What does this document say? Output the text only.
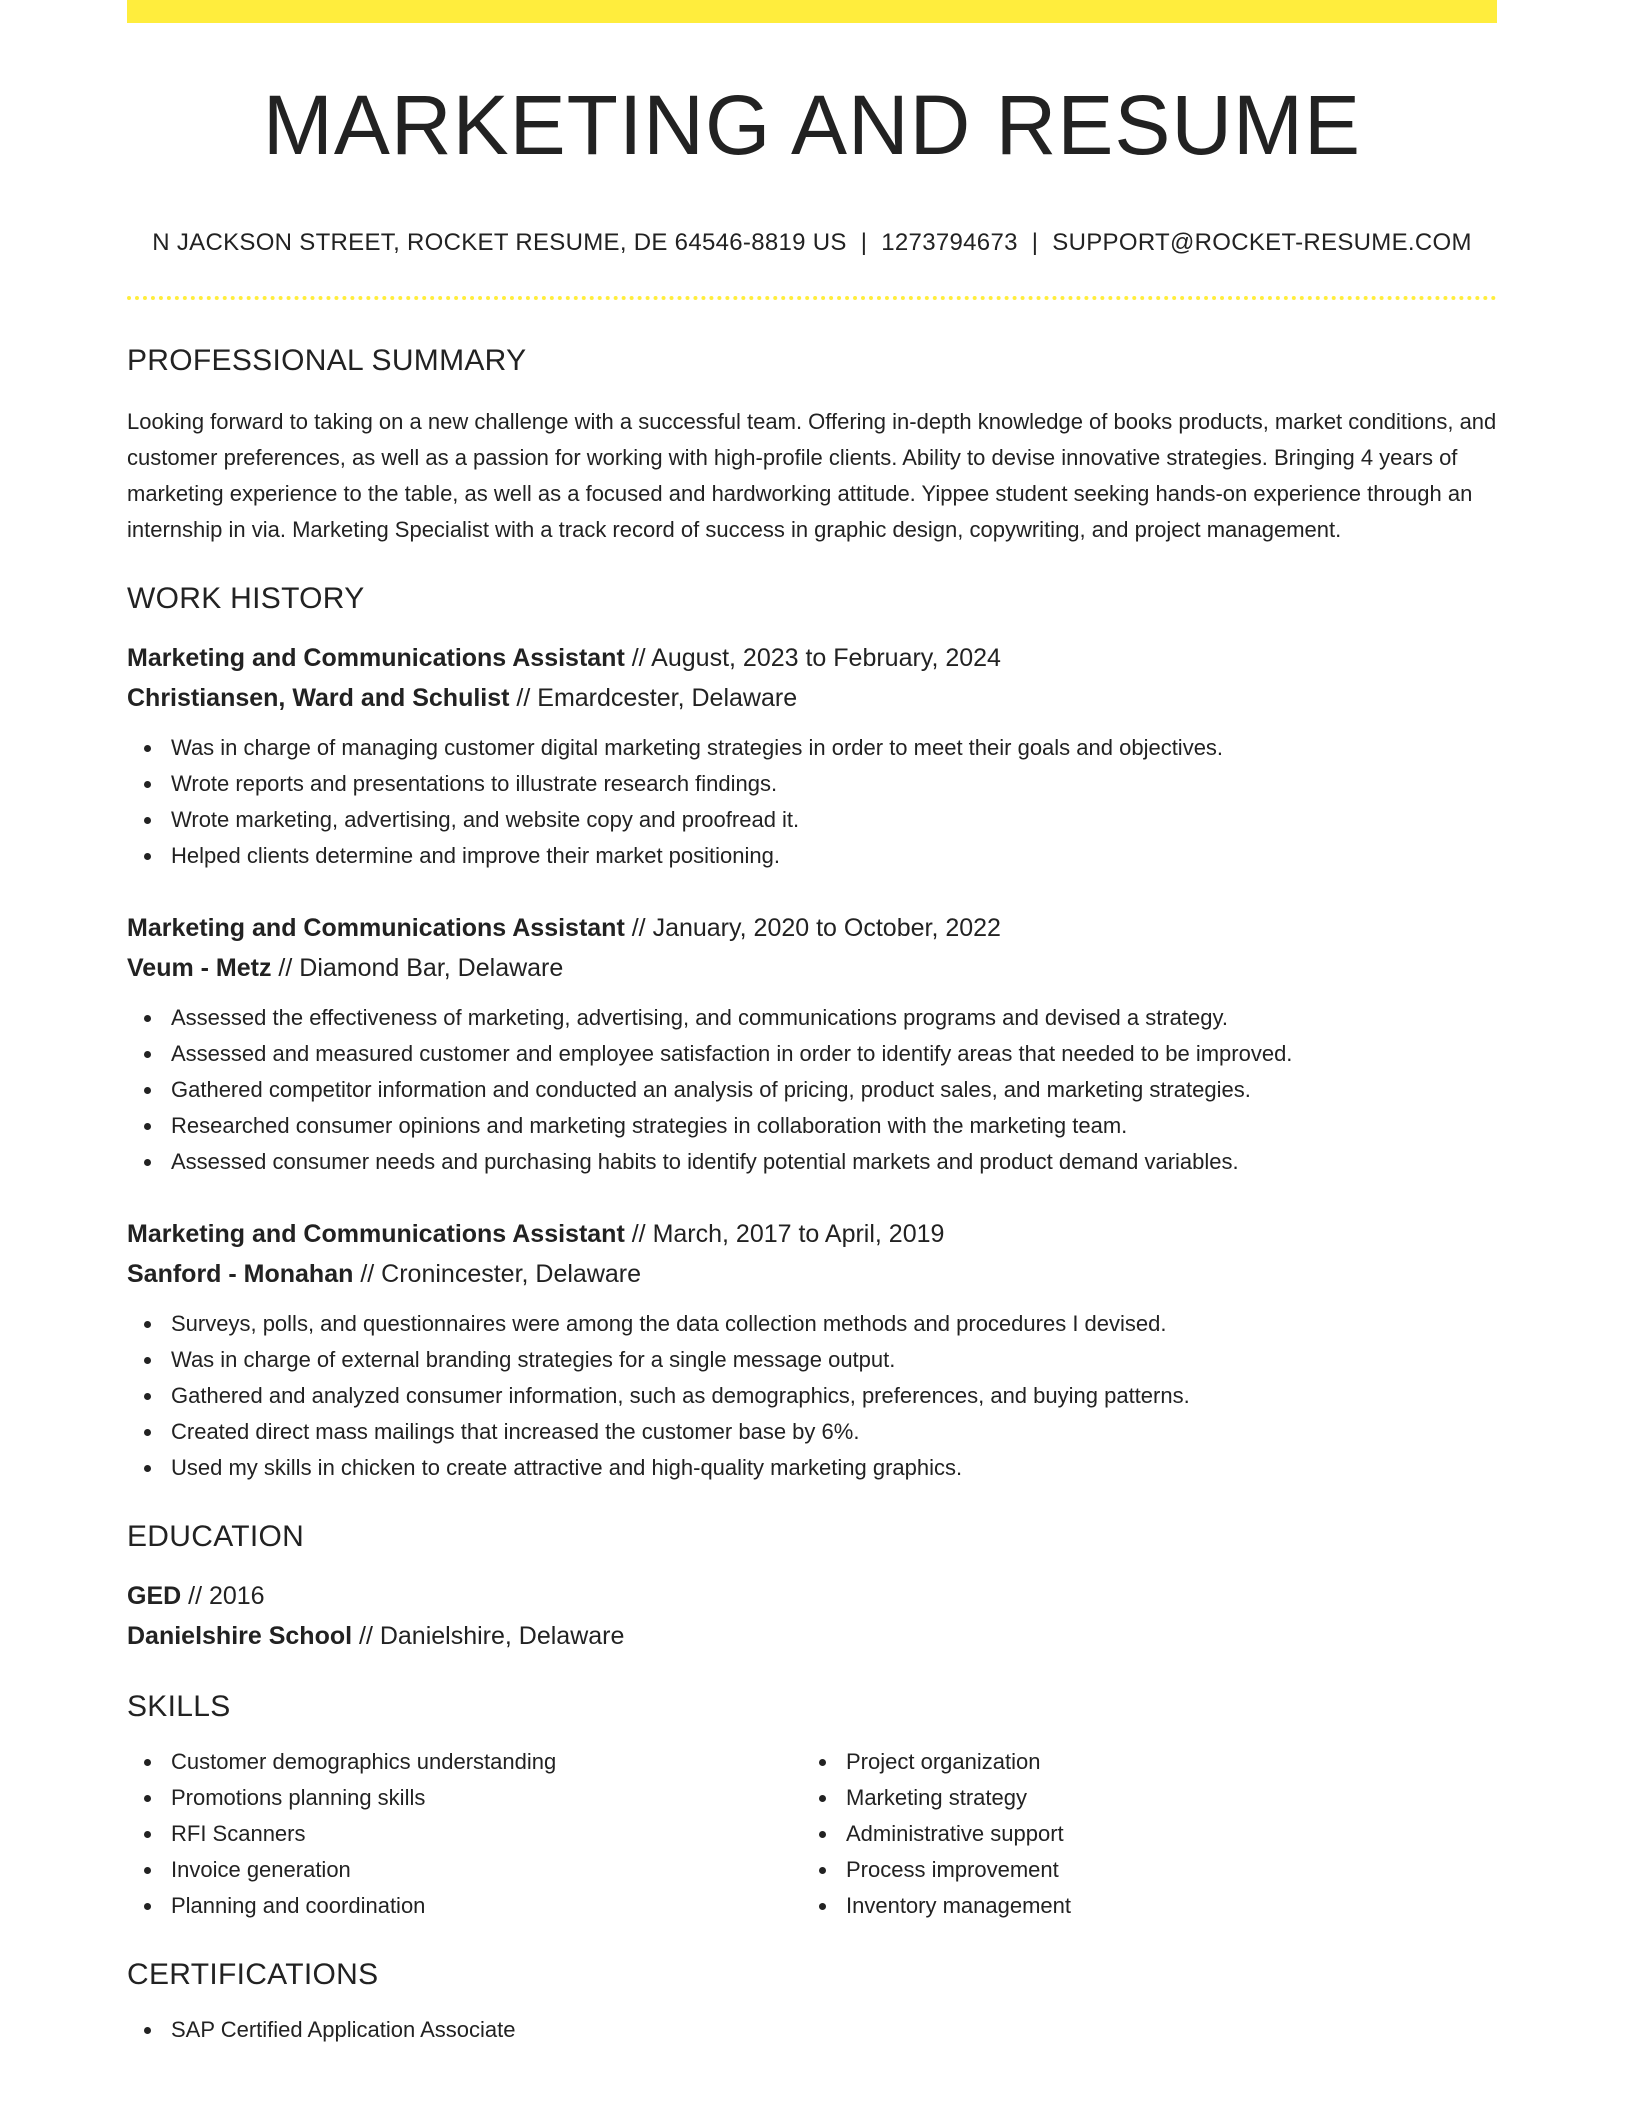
MARKETING AND RESUME
N JACKSON STREET, ROCKET RESUME, DE 64546-8819 US | 1273794673 | SUPPORT@ROCKET-RESUME.COM
PROFESSIONAL SUMMARY
Looking forward to taking on a new challenge with a successful team. Offering in-depth knowledge of books products, market conditions, and customer preferences, as well as a passion for working with high-profile clients. Ability to devise innovative strategies. Bringing 4 years of marketing experience to the table, as well as a focused and hardworking attitude. Yippee student seeking hands-on experience through an internship in via. Marketing Specialist with a track record of success in graphic design, copywriting, and project management.
WORK HISTORY
Marketing and Communications Assistant // August, 2023 to February, 2024
Christiansen, Ward and Schulist // Emardcester, Delaware
Was in charge of managing customer digital marketing strategies in order to meet their goals and objectives.
Wrote reports and presentations to illustrate research findings.
Wrote marketing, advertising, and website copy and proofread it.
Helped clients determine and improve their market positioning.
Marketing and Communications Assistant // January, 2020 to October, 2022
Veum - Metz // Diamond Bar, Delaware
Assessed the effectiveness of marketing, advertising, and communications programs and devised a strategy.
Assessed and measured customer and employee satisfaction in order to identify areas that needed to be improved.
Gathered competitor information and conducted an analysis of pricing, product sales, and marketing strategies.
Researched consumer opinions and marketing strategies in collaboration with the marketing team.
Assessed consumer needs and purchasing habits to identify potential markets and product demand variables.
Marketing and Communications Assistant // March, 2017 to April, 2019
Sanford - Monahan // Cronincester, Delaware
Surveys, polls, and questionnaires were among the data collection methods and procedures I devised.
Was in charge of external branding strategies for a single message output.
Gathered and analyzed consumer information, such as demographics, preferences, and buying patterns.
Created direct mass mailings that increased the customer base by 6%.
Used my skills in chicken to create attractive and high-quality marketing graphics.
EDUCATION
GED // 2016
Danielshire School // Danielshire, Delaware
SKILLS
Customer demographics understanding
Promotions planning skills
RFI Scanners
Invoice generation
Planning and coordination
Project organization
Marketing strategy
Administrative support
Process improvement
Inventory management
CERTIFICATIONS
SAP Certified Application Associate
